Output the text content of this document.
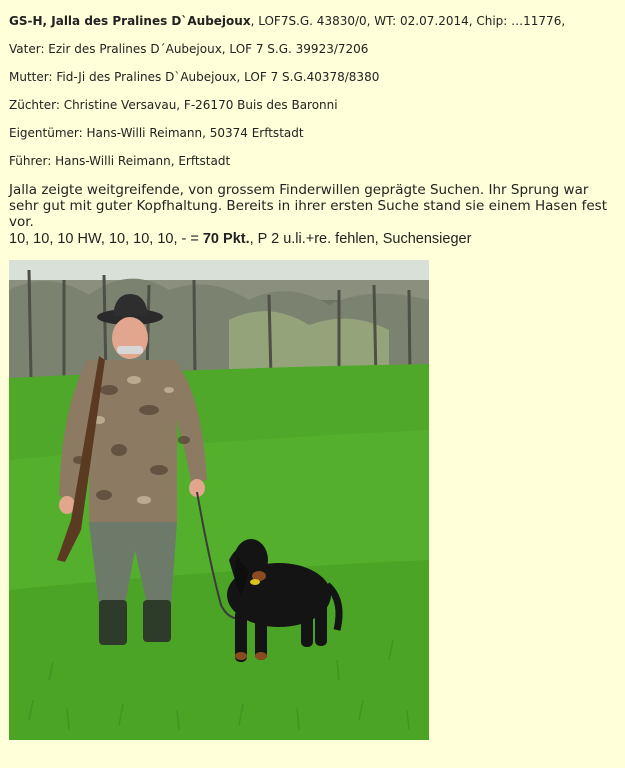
GS-H, Jalla des Pralines D`Aubejoux, LOF7S.G. 43830/0, WT: 02.07.2014, Chip: …11776,

Vater: Ezir des Pralines D´Aubejoux, LOF 7 S.G. 39923/7206

Mutter: Fid-Ji des Pralines D`Aubejoux, LOF 7 S.G.40378/8380

Züchter: Christine Versavau, F-26170 Buis des Baronni

Eigentümer: Hans-Willi Reimann, 50374 Erftstadt

Führer: Hans-Willi Reimann, Erftstadt

Jalla zeigte weitgreifende, von grossem Finderwillen geprägte Suchen. Ihr Sprung war sehr gut mit guter Kopfhaltung. Bereits in ihrer ersten Suche stand sie einem Hasen fest vor.

10, 10, 10 HW, 10, 10, 10, - = 70 Pkt., P 2 u.li.+re. fehlen, Suchensieger
